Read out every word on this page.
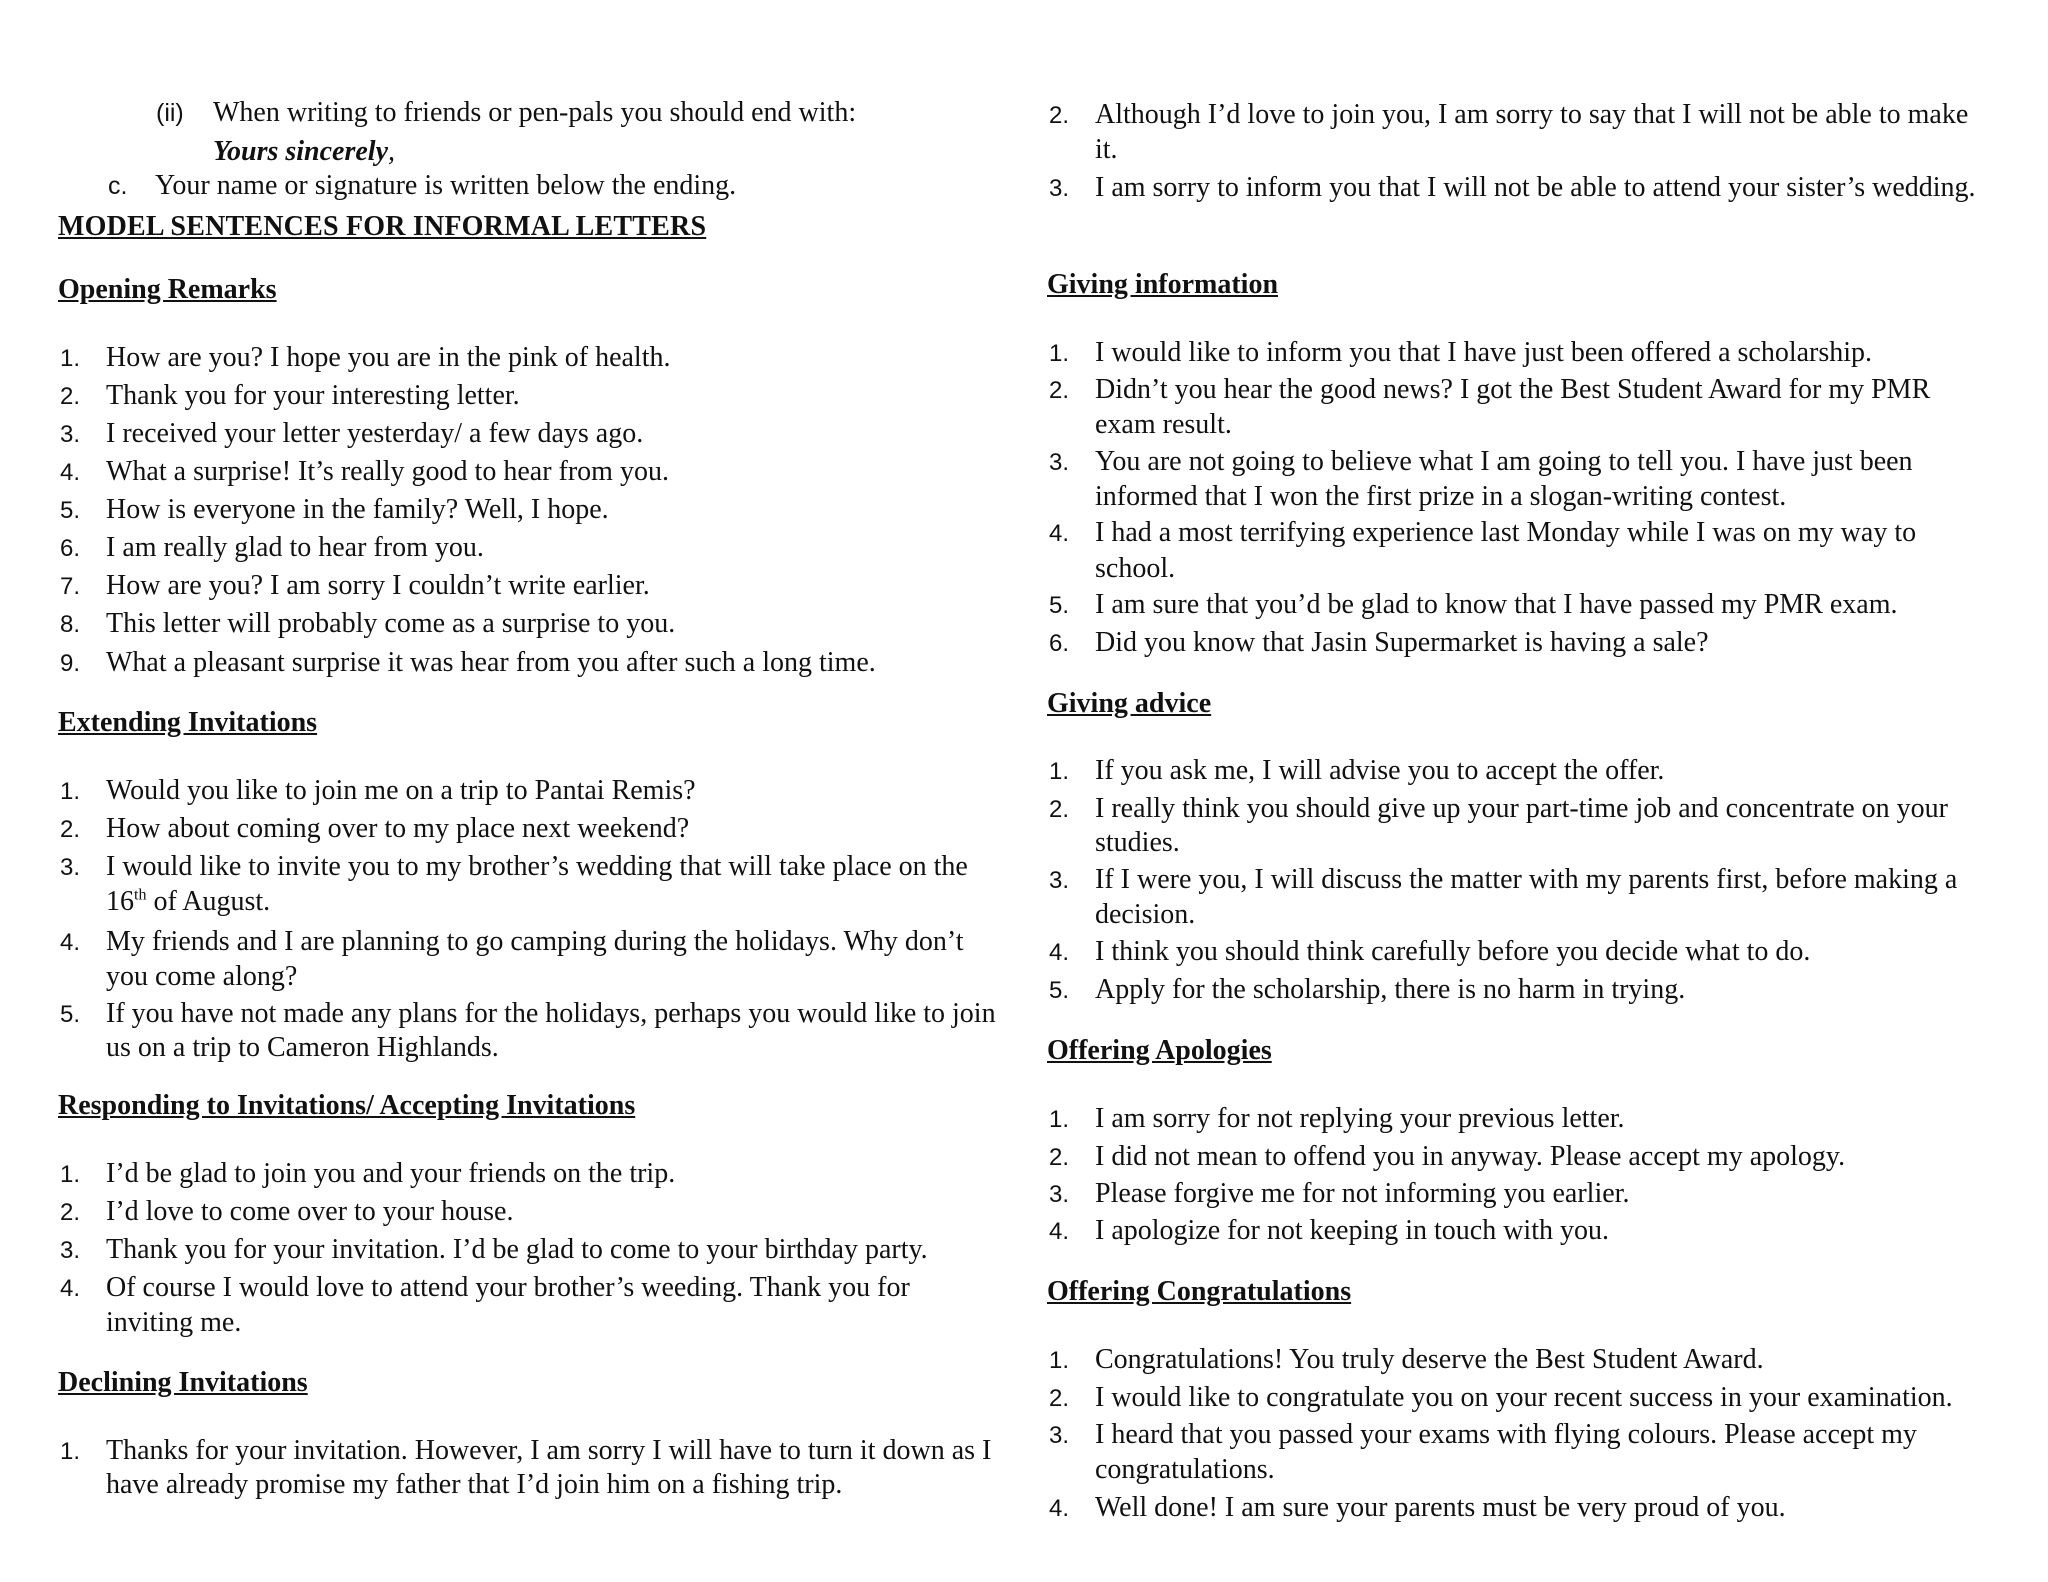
(ii) When writing to friends or pen-pals you should end with:
Yours sincerely,
c. Your name or signature is written below the ending.
MODEL SENTENCES FOR INFORMAL LETTERS
Opening Remarks
1. How are you? I hope you are in the pink of health.
2. Thank you for your interesting letter.
3. I received your letter yesterday/ a few days ago.
4. What a surprise! It’s really good to hear from you.
5. How is everyone in the family? Well, I hope.
6. I am really glad to hear from you.
7. How are you? I am sorry I couldn’t write earlier.
8. This letter will probably come as a surprise to you.
9. What a pleasant surprise it was hear from you after such a long time.
Extending Invitations
1. Would you like to join me on a trip to Pantai Remis?
2. How about coming over to my place next weekend?
3. I would like to invite you to my brother’s wedding that will take place on the
16th of August.
4. My friends and I are planning to go camping during the holidays. Why don’t
you come along?
5. If you have not made any plans for the holidays, perhaps you would like to join
us on a trip to Cameron Highlands.
Responding to Invitations/ Accepting Invitations
1. I’d be glad to join you and your friends on the trip.
2. I’d love to come over to your house.
3. Thank you for your invitation. I’d be glad to come to your birthday party.
4. Of course I would love to attend your brother’s weeding. Thank you for
inviting me.
Declining Invitations
1. Thanks for your invitation. However, I am sorry I will have to turn it down as I
have already promise my father that I’d join him on a fishing trip.
2. Although I’d love to join you, I am sorry to say that I will not be able to make
it.
3. I am sorry to inform you that I will not be able to attend your sister’s wedding.
Giving information
1. I would like to inform you that I have just been offered a scholarship.
2. Didn’t you hear the good news? I got the Best Student Award for my PMR
exam result.
3. You are not going to believe what I am going to tell you. I have just been
informed that I won the first prize in a slogan-writing contest.
4. I had a most terrifying experience last Monday while I was on my way to
school.
5. I am sure that you’d be glad to know that I have passed my PMR exam.
6. Did you know that Jasin Supermarket is having a sale?
Giving advice
1. If you ask me, I will advise you to accept the offer.
2. I really think you should give up your part-time job and concentrate on your
studies.
3. If I were you, I will discuss the matter with my parents first, before making a
decision.
4. I think you should think carefully before you decide what to do.
5. Apply for the scholarship, there is no harm in trying.
Offering Apologies
1. I am sorry for not replying your previous letter.
2. I did not mean to offend you in anyway. Please accept my apology.
3. Please forgive me for not informing you earlier.
4. I apologize for not keeping in touch with you.
Offering Congratulations
1. Congratulations! You truly deserve the Best Student Award.
2. I would like to congratulate you on your recent success in your examination.
3. I heard that you passed your exams with flying colours. Please accept my
congratulations.
4. Well done! I am sure your parents must be very proud of you.
